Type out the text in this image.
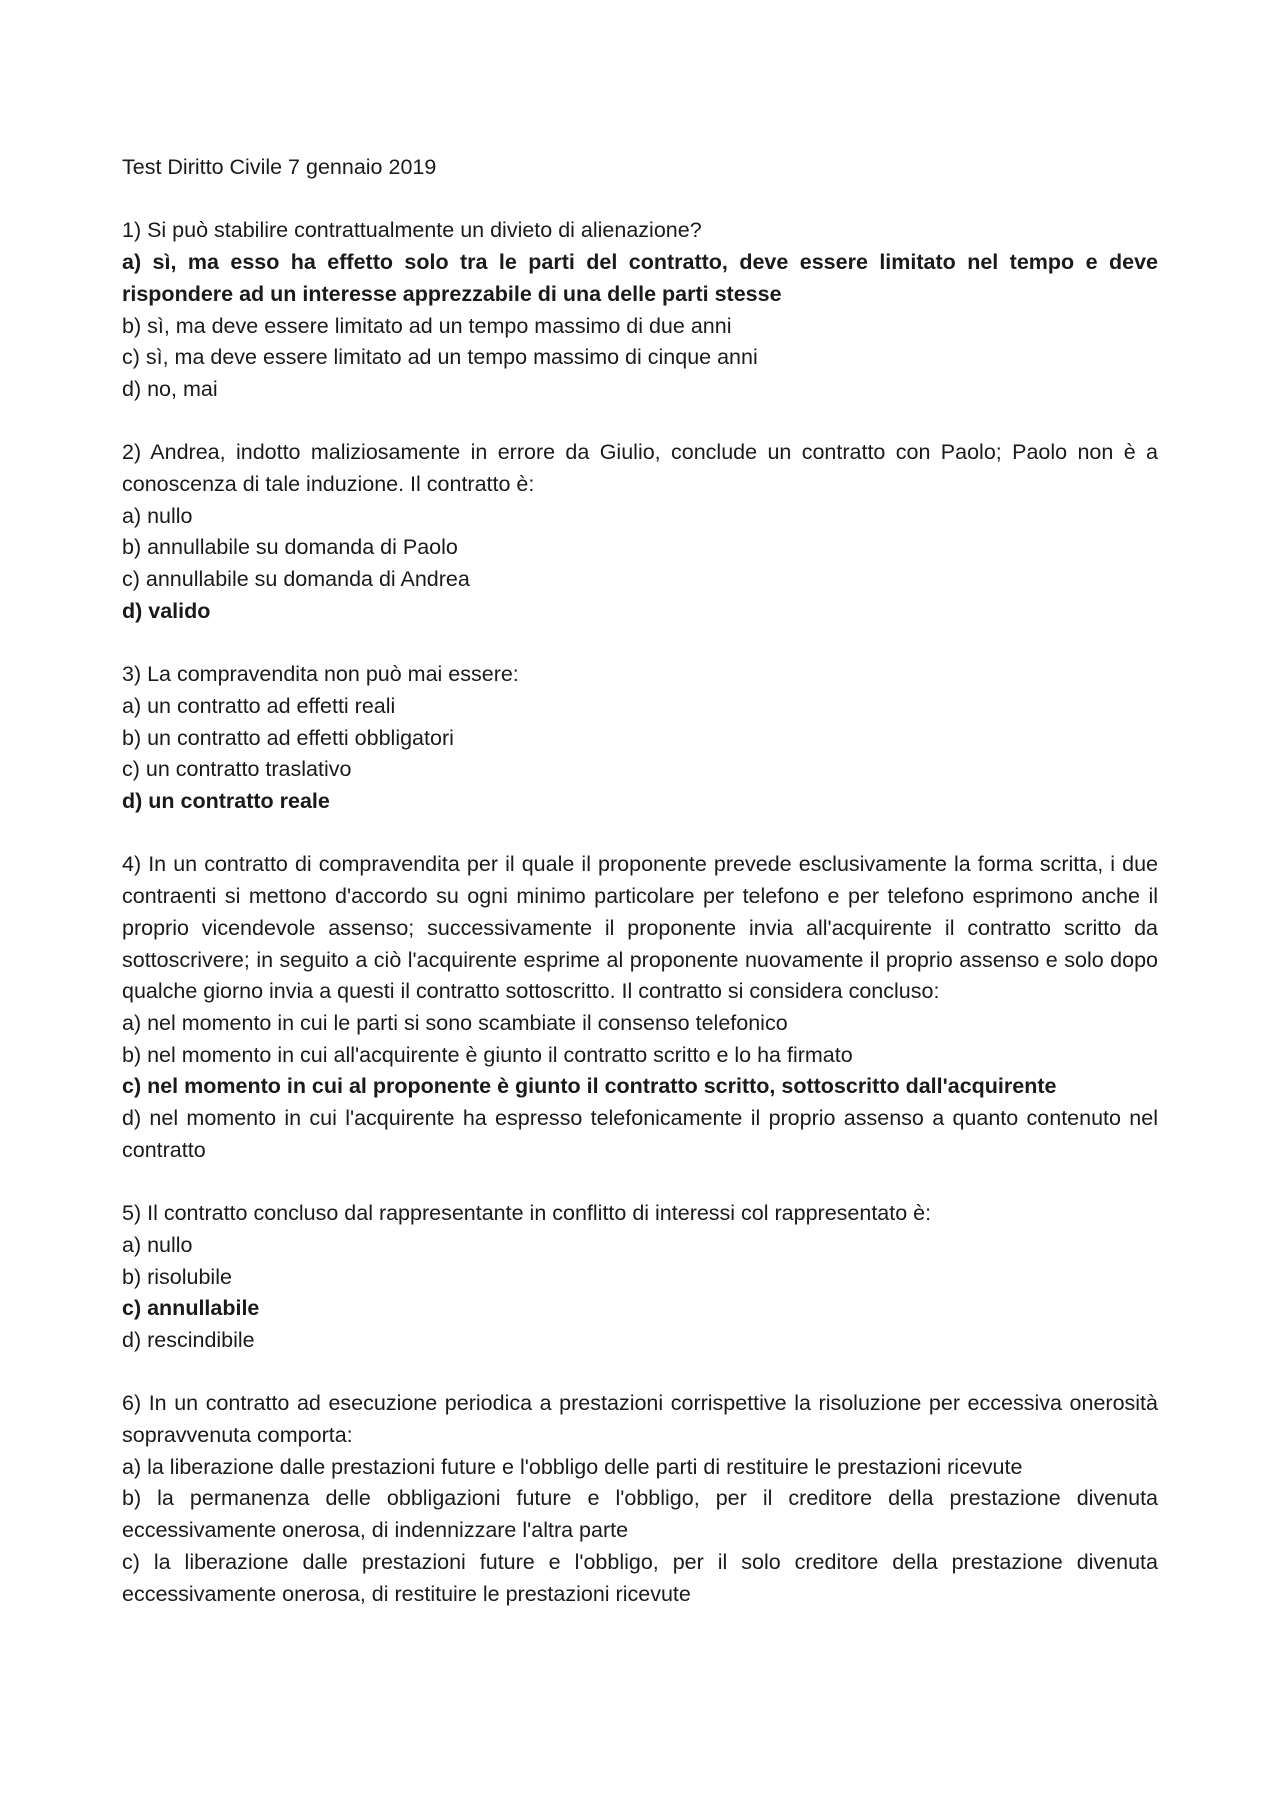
Test Diritto Civile 7 gennaio 2019
1) Si può stabilire contrattualmente un divieto di alienazione?
a) sì, ma esso ha effetto solo tra le parti del contratto, deve essere limitato nel tempo e deve rispondere ad un interesse apprezzabile di una delle parti stesse
b) sì, ma deve essere limitato ad un tempo massimo di due anni
c) sì, ma deve essere limitato ad un tempo massimo di cinque anni
d) no, mai
2) Andrea, indotto maliziosamente in errore da Giulio, conclude un contratto con Paolo; Paolo non è a conoscenza di tale induzione. Il contratto è:
a) nullo
b) annullabile su domanda di Paolo
c) annullabile su domanda di Andrea
d) valido
3) La compravendita non può mai essere:
a) un contratto ad effetti reali
b) un contratto ad effetti obbligatori
c) un contratto traslativo
d) un contratto reale
4) In un contratto di compravendita per il quale il proponente prevede esclusivamente la forma scritta, i due contraenti si mettono d'accordo su ogni minimo particolare per telefono e per telefono esprimono anche il proprio vicendevole assenso; successivamente il proponente invia all'acquirente il contratto scritto da sottoscrivere; in seguito a ciò l'acquirente esprime al proponente nuovamente il proprio assenso e solo dopo qualche giorno invia a questi il contratto sottoscritto. Il contratto si considera concluso:
a) nel momento in cui le parti si sono scambiate il consenso telefonico
b) nel momento in cui all'acquirente è giunto il contratto scritto e lo ha firmato
c) nel momento in cui al proponente è giunto il contratto scritto, sottoscritto dall'acquirente
d) nel momento in cui l'acquirente ha espresso telefonicamente il proprio assenso a quanto contenuto nel contratto
5) Il contratto concluso dal rappresentante in conflitto di interessi col rappresentato è:
a) nullo
b) risolubile
c) annullabile
d) rescindibile
6) In un contratto ad esecuzione periodica a prestazioni corrispettive la risoluzione per eccessiva onerosità sopravvenuta comporta:
a) la liberazione dalle prestazioni future e l'obbligo delle parti di restituire le prestazioni ricevute
b) la permanenza delle obbligazioni future e l'obbligo, per il creditore della prestazione divenuta eccessivamente onerosa, di indennizzare l'altra parte
c) la liberazione dalle prestazioni future e l'obbligo, per il solo creditore della prestazione divenuta eccessivamente onerosa, di restituire le prestazioni ricevute
